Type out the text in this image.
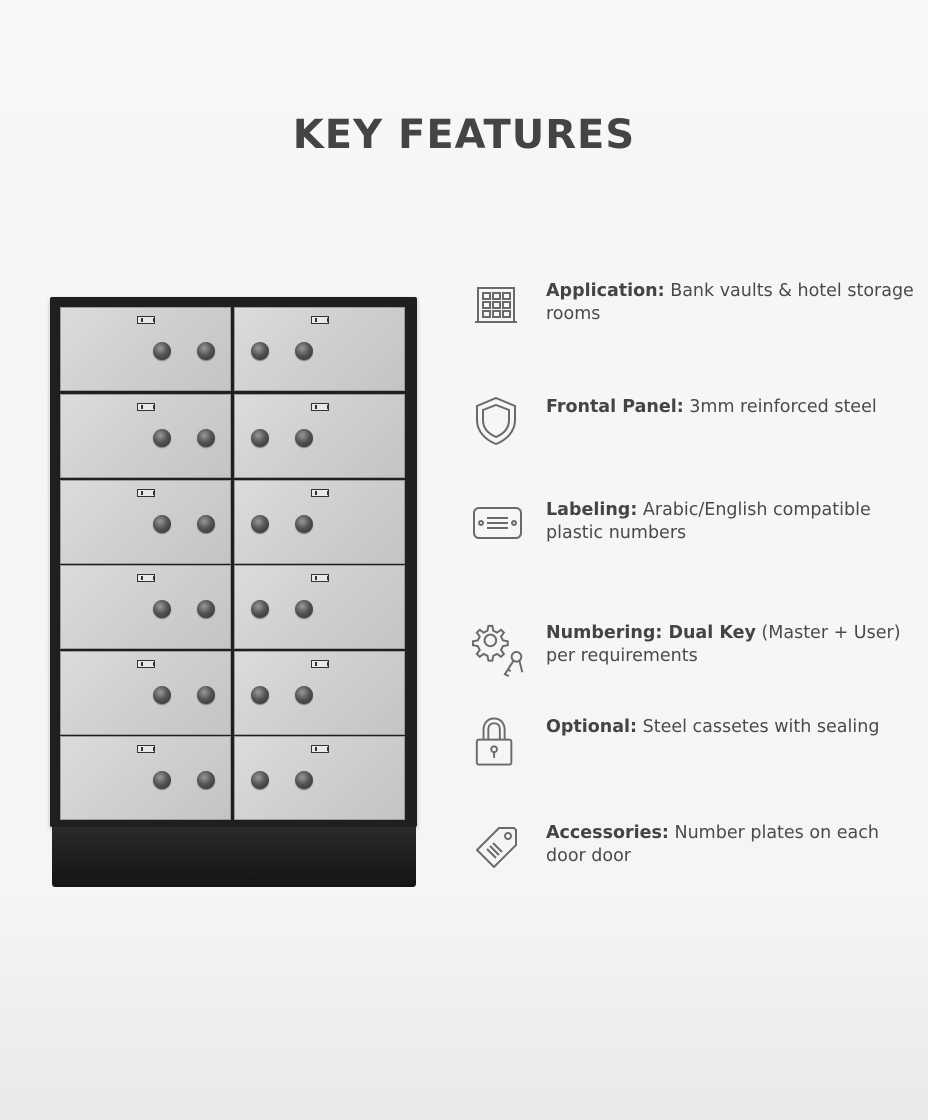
KEY FEATURES
Application: Bank vaults & hotel storage rooms
Frontal Panel: 3mm reinforced steel
Labeling: Arabic/English compatible plastic numbers
Numbering: Dual Key (Master + User) per requirements
Optional: Steel cassetes with sealing
Accessories: Number plates on each door door
